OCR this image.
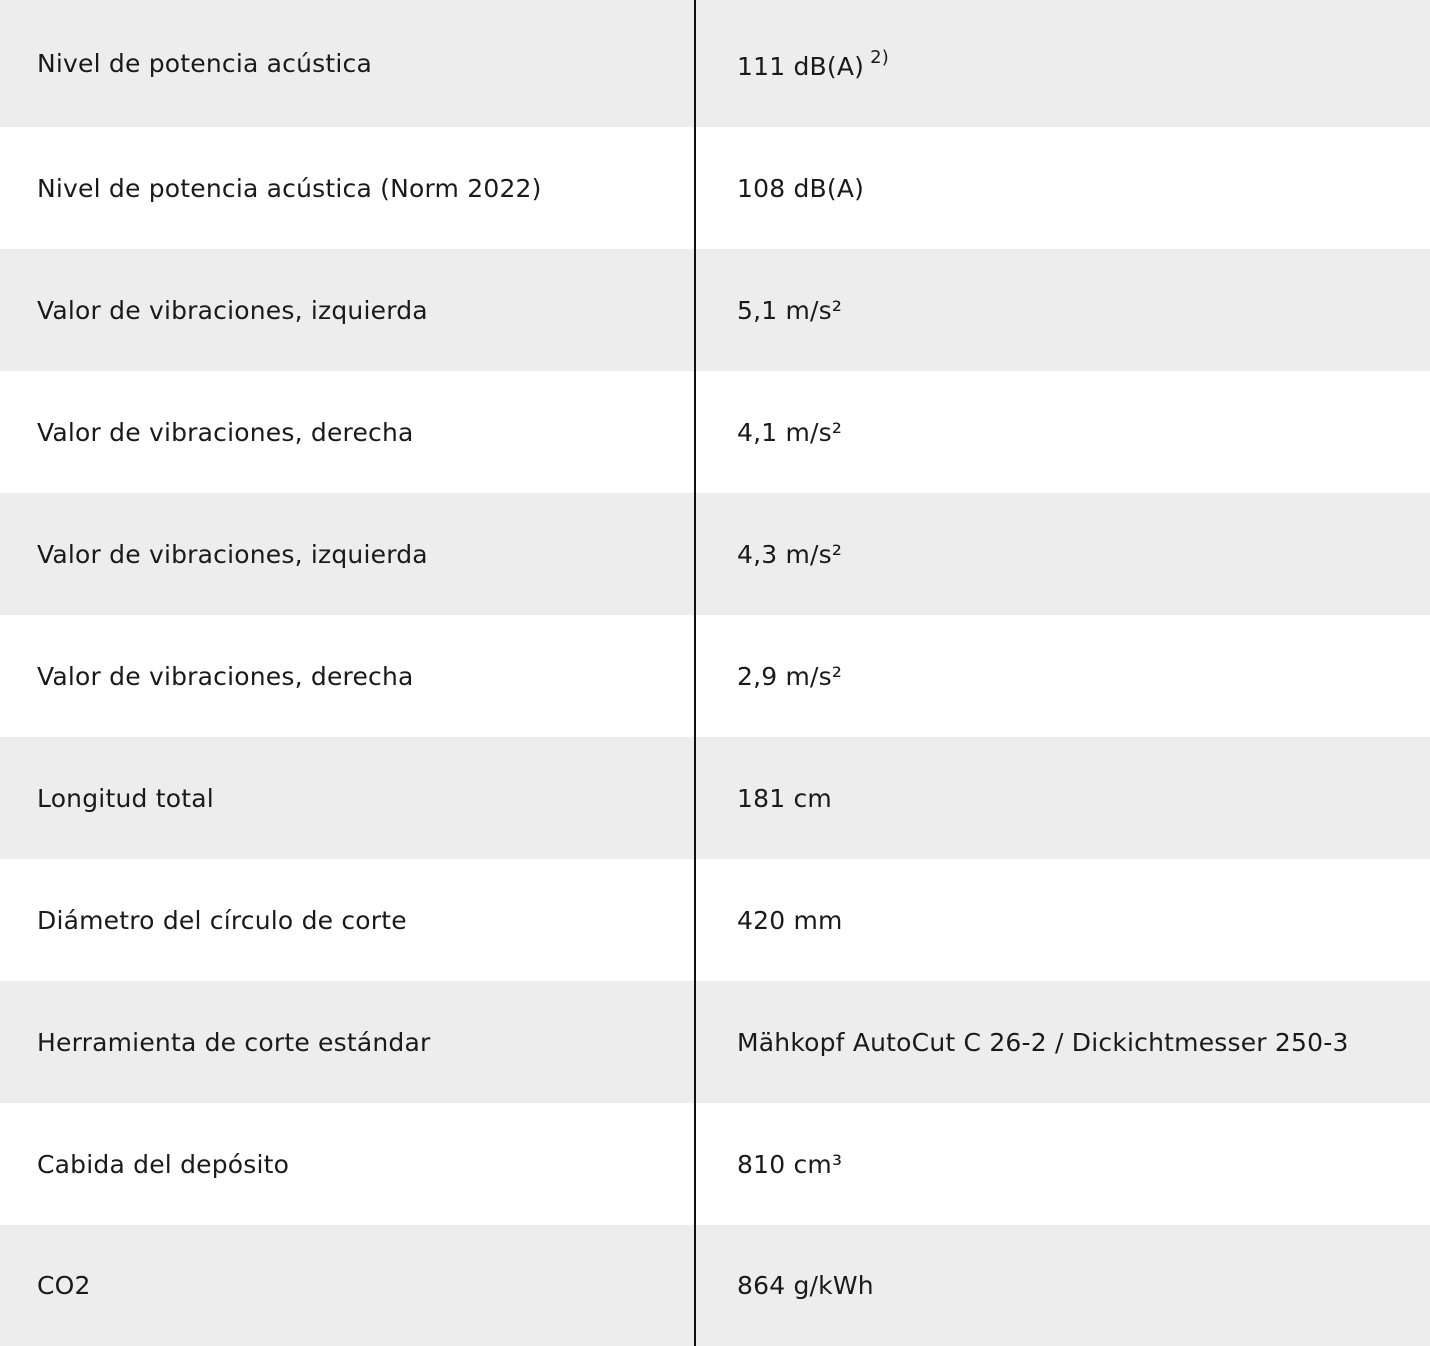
Nivel de potencia acústica	111 dB(A) $^{2)}$
Nivel de potencia acústica (Norm 2022)	108 dB(A)
Valor de vibraciones, izquierda	5,1 m/s²
Valor de vibraciones, derecha	4,1 m/s²
Valor de vibraciones, izquierda	4,3 m/s²
Valor de vibraciones, derecha	2,9 m/s²
Longitud total	181 cm
Diámetro del círculo de corte	420 mm
Herramienta de corte estándar	Mähkopf AutoCut C 26-2 / Dickichtmesser 250-3
Cabida del depósito	810 cm³
CO2	864 g/kWh
